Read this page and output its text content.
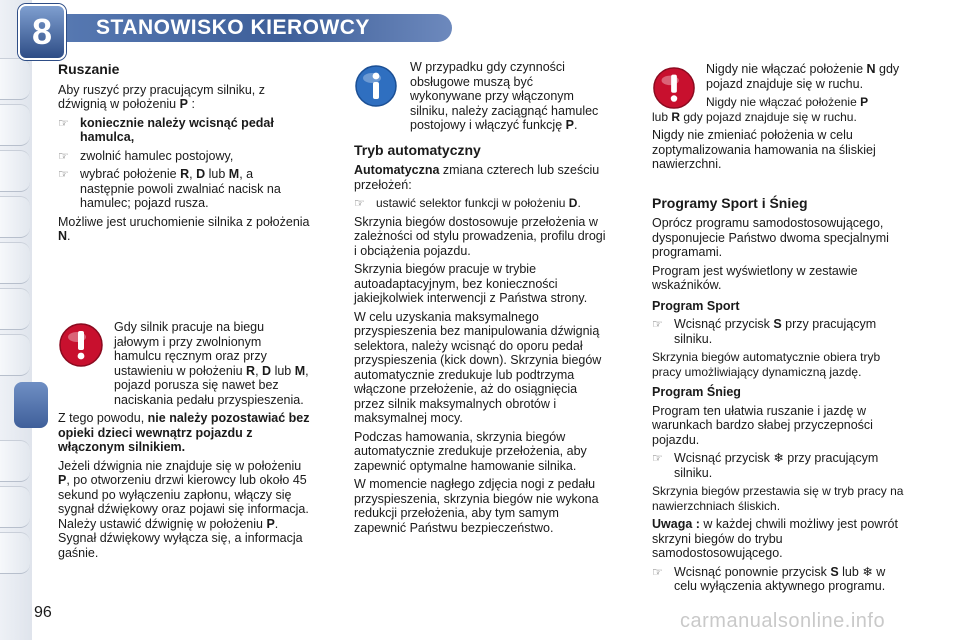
8	STANOWISKO KIEROWCY
Ruszanie

Aby ruszyć przy pracującym silniku, z dźwignią w położeniu P :

☞ koniecznie należy wcisnąć pedał hamulca,
☞ zwolnić hamulec postojowy,
☞ wybrać położenie R, D lub M, a następnie powoli zwalniać nacisk na hamulec; pojazd rusza.

Możliwe jest uruchomienie silnika z położenia N.

Gdy silnik pracuje na biegu jałowym i przy zwolnionym hamulcu ręcznym oraz przy ustawieniu w położeniu R, D lub M, pojazd porusza się nawet bez naciskania pedału przyspieszenia.

Z tego powodu, nie należy pozostawiać bez opieki dzieci wewnątrz pojazdu z włączonym silnikiem.

Jeżeli dźwignia nie znajduje się w położeniu P, po otworzeniu drzwi kierowcy lub około 45 sekund po wyłączeniu zapłonu, włączy się sygnał dźwiękowy oraz pojawi się informacja. Należy ustawić dźwignię w położeniu P. Sygnał dźwiękowy wyłącza się, a informacja gaśnie.

W przypadku gdy czynności obsługowe muszą być wykonywane przy włączonym silniku, należy zaciągnąć hamulec postojowy i włączyć funkcję P.

Tryb automatyczny

Automatyczna zmiana czterech lub sześciu przełożeń:

☞ ustawić selektor funkcji w położeniu D.

Skrzynia biegów dostosowuje przełożenia w zależności od stylu prowadzenia, profilu drogi i obciążenia pojazdu.

Skrzynia biegów pracuje w trybie autoadaptacyjnym, bez konieczności jakiejkolwiek interwencji z Państwa strony.

W celu uzyskania maksymalnego przyspieszenia bez manipulowania dźwignią selektora, należy wcisnąć do oporu pedał przyspieszenia (kick down). Skrzynia biegów automatycznie zredukuje lub podtrzyma włączone przełożenie, aż do osiągnięcia przez silnik maksymalnych obrotów i maksymalnej mocy.

Podczas hamowania, skrzynia biegów automatycznie zredukuje przełożenia, aby zapewnić optymalne hamowanie silnika.

W momencie nagłego zdjęcia nogi z pedału przyspieszenia, skrzynia biegów nie wykona redukcji przełożenia, aby tym samym zapewnić Państwu bezpieczeństwo.

Nigdy nie włączać położenie N gdy pojazd znajduje się w ruchu.

Nigdy nie włączać położenie P

lub R gdy pojazd znajduje się w ruchu.

Nigdy nie zmieniać położenia w celu zoptymalizowania hamowania na śliskiej nawierzchni.

Programy Sport i Śnieg

Oprócz programu samodostosowującego, dysponujecie Państwo dwoma specjalnymi programami.

Program jest wyświetlony w zestawie wskaźników.

Program Sport
☞ Wcisnąć przycisk S przy pracującym silniku.

Skrzynia biegów automatycznie obiera tryb pracy umożliwiający dynamiczną jazdę.

Program Śnieg

Program ten ułatwia ruszanie i jazdę w warunkach bardzo słabej przyczepności pojazdu.

☞ Wcisnąć przycisk ❄ przy pracującym silniku.

Skrzynia biegów przestawia się w tryb pracy na nawierzchniach śliskich.

Uwaga : w każdej chwili możliwy jest powrót skrzyni biegów do trybu samodostosowującego.

☞ Wcisnąć ponownie przycisk S lub ❄ w celu wyłączenia aktywnego programu.
96	carmanualsonline.info
